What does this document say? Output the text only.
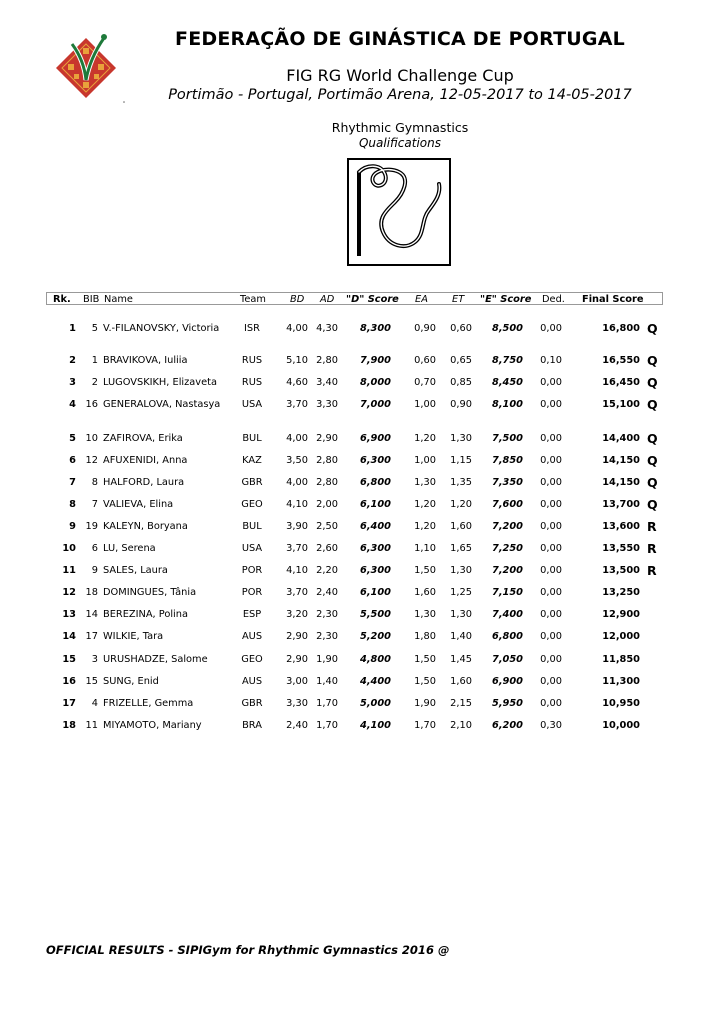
FEDERAÇÃO DE GINÁSTICA DE PORTUGAL
FIG RG World Challenge Cup
Portimão - Portugal, Portimão Arena, 12-05-2017 to 14-05-2017
Rhythmic Gymnastics
Qualifications
Rk. BIB Name	Team BD AD "D" Score EA ET "E" Score Ded. Final Score
1	5 V.-FILANOVSKY, Victoria	ISR	4,00 4,30	8,300	0,90	0,60	8,500	0,00	16,800 Q
2	1 BRAVIKOVA, Iuliia	RUS	5,10 2,80	7,900	0,60	0,65	8,750	0,10	16,550 Q
3	2 LUGOVSKIKH, Elizaveta	RUS	4,60 3,40	8,000	0,70	0,85	8,450	0,00	16,450 Q
4 16 GENERALOVA, Nastasya	USA	3,70 3,30	7,000	1,00	0,90	8,100	0,00	15,100 Q
5 10 ZAFIROVA, Erika	BUL	4,00 2,90	6,900	1,20	1,30	7,500	0,00	14,400 Q
6 12 AFUXENIDI, Anna	KAZ	3,50 2,80	6,300	1,00	1,15	7,850	0,00	14,150 Q
7	8 HALFORD, Laura	GBR	4,00 2,80	6,800	1,30	1,35	7,350	0,00	14,150 Q
8	7 VALIEVA, Elina	GEO	4,10 2,00	6,100	1,20	1,20	7,600	0,00	13,700 Q
9 19 KALEYN, Boryana	BUL	3,90 2,50	6,400	1,20	1,60	7,200	0,00	13,600 R
10	6 LU, Serena	USA	3,70 2,60	6,300	1,10	1,65	7,250	0,00	13,550 R
11	9 SALES, Laura	POR	4,10 2,20	6,300	1,50	1,30	7,200	0,00	13,500 R
12 18 DOMINGUES, Tânia	POR	3,70 2,40	6,100	1,60	1,25	7,150	0,00	13,250
13 14 BEREZINA, Polina	ESP	3,20 2,30	5,500	1,30	1,30	7,400	0,00	12,900
14 17 WILKIE, Tara	AUS	2,90 2,30	5,200	1,80	1,40	6,800	0,00	12,000
15	3 URUSHADZE, Salome	GEO	2,90 1,90	4,800	1,50	1,45	7,050	0,00	11,850
16 15 SUNG, Enid	AUS	3,00 1,40	4,400	1,50	1,60	6,900	0,00	11,300
17	4 FRIZELLE, Gemma	GBR	3,30 1,70	5,000	1,90	2,15	5,950	0,00	10,950
18 11 MIYAMOTO, Mariany	BRA	2,40 1,70	4,100	1,70	2,10	6,200	0,30	10,000
OFFICIAL RESULTS - SIPIGym for Rhythmic Gymnastics 2016 @
